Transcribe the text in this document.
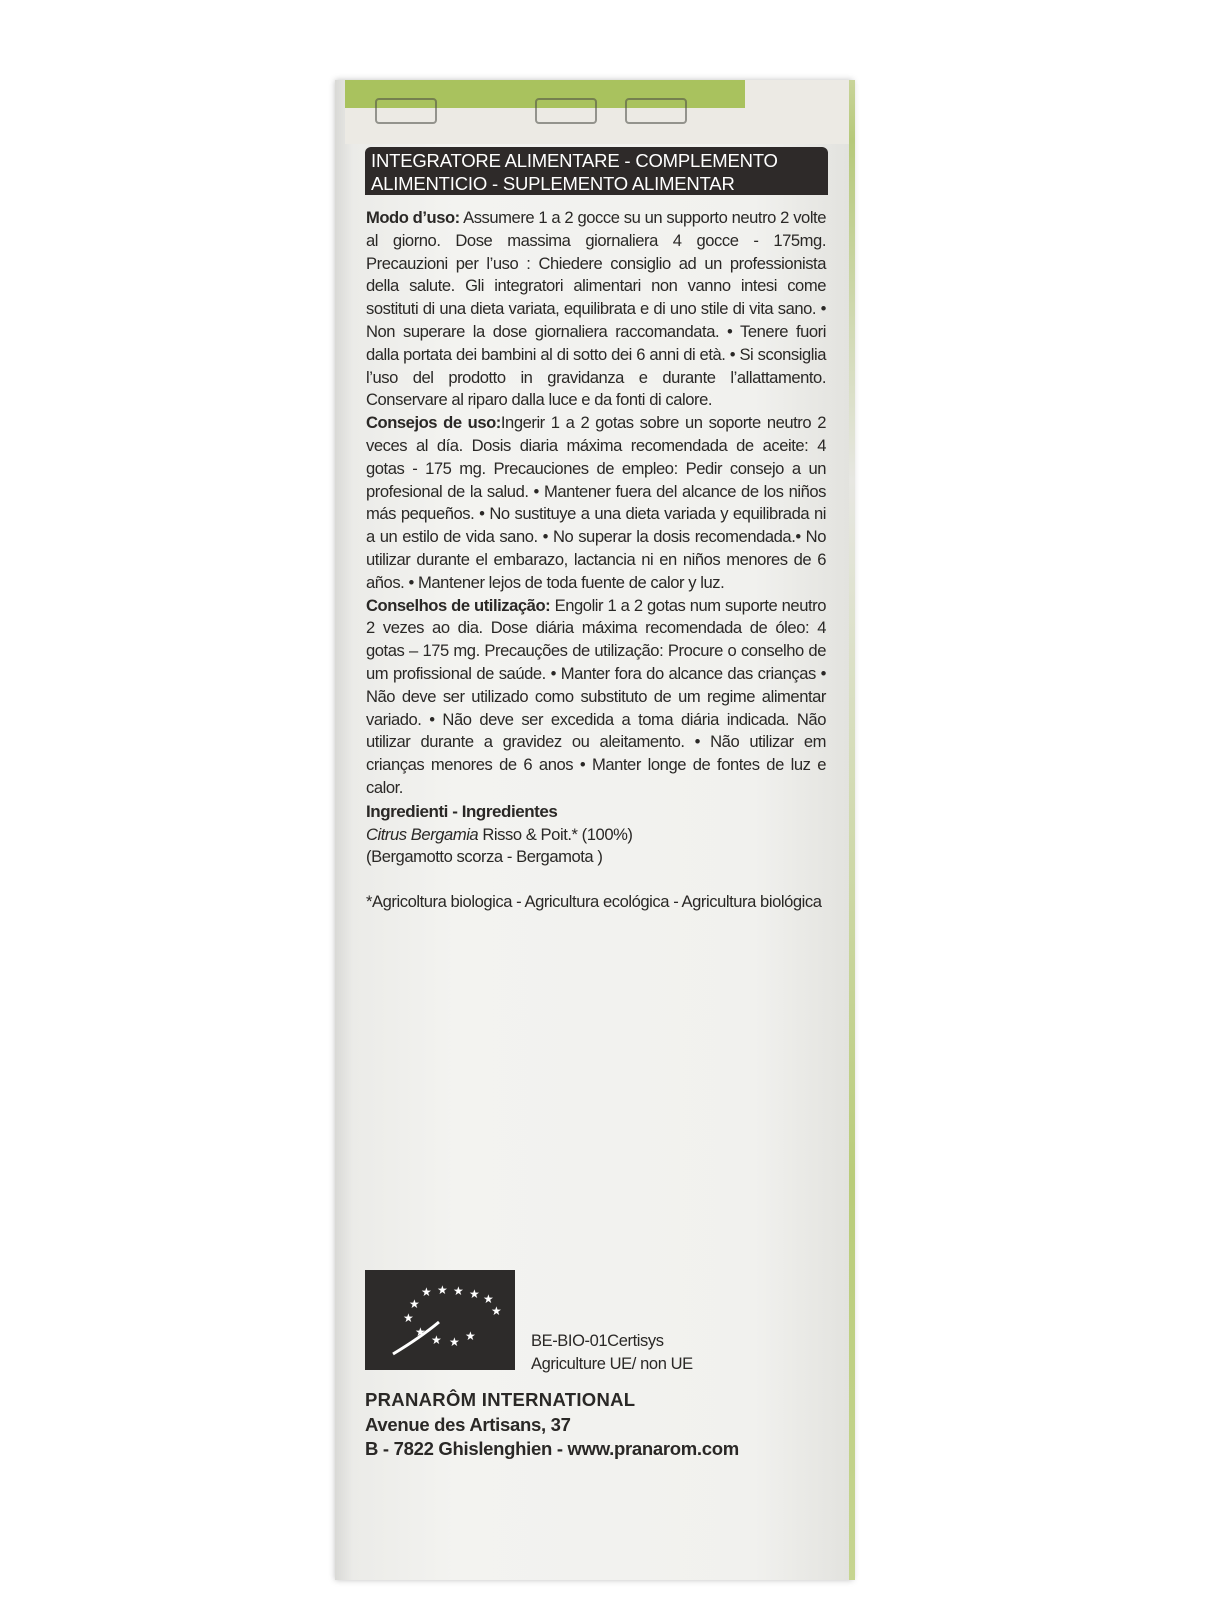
INTEGRATORE ALIMENTARE - COMPLEMENTO
ALIMENTICIO - SUPLEMENTO ALIMENTAR

Modo d’uso: Assumere 1 a 2 gocce su un supporto neutro 2 volte al giorno. Dose massima giornaliera 4 gocce - 175mg. Precauzioni per l’uso : Chiedere consiglio ad un professionista della salute. Gli integratori alimentari non vanno intesi come sostituti di una dieta variata, equilibrata e di uno stile di vita sano. • Non superare la dose giornaliera raccomandata. • Tenere fuori dalla portata dei bambini al di sotto dei 6 anni di età. • Si sconsiglia l’uso del prodotto in gravidanza e durante l’allattamento. Conservare al riparo dalla luce e da fonti di calore.

Consejos de uso:Ingerir 1 a 2 gotas sobre un soporte neutro 2 veces al día. Dosis diaria máxima recomendada de aceite: 4 gotas - 175 mg. Precauciones de empleo: Pedir consejo a un profesional de la salud. • Mantener fuera del alcance de los niños más pequeños. • No sustituye a una dieta variada y equilibrada ni a un estilo de vida sano. • No superar la dosis recomendada.• No utilizar durante el embarazo, lactancia ni en niños menores de 6 años. • Mantener lejos de toda fuente de calor y luz.

Conselhos de utilização: Engolir 1 a 2 gotas num suporte neutro 2 vezes ao dia. Dose diária máxima recomendada de óleo: 4 gotas – 175 mg. Precauções de utilização: Procure o conselho de um profissional de saúde. • Manter fora do alcance das crianças • Não deve ser utilizado como substituto de um regime alimentar variado. • Não deve ser excedida a toma diária indicada. Não utilizar durante a gravidez ou aleitamento. • Não utilizar em crianças menores de 6 anos • Manter longe de fontes de luz e calor.

Ingredienti - Ingredientes

Citrus Bergamia Risso & Poit.* (100%)

(Bergamotto scorza - Bergamota )

*Agricoltura biologica - Agricultura ecológica - Agricultura biológica

★ ★ ★ ★ ★
★
★
★
★
★ ★ ★	BE-BIO-01Certisys
Agriculture UE/ non UE
PRANARÔM INTERNATIONAL
Avenue des Artisans, 37
B - 7822 Ghislenghien - www.pranarom.com
